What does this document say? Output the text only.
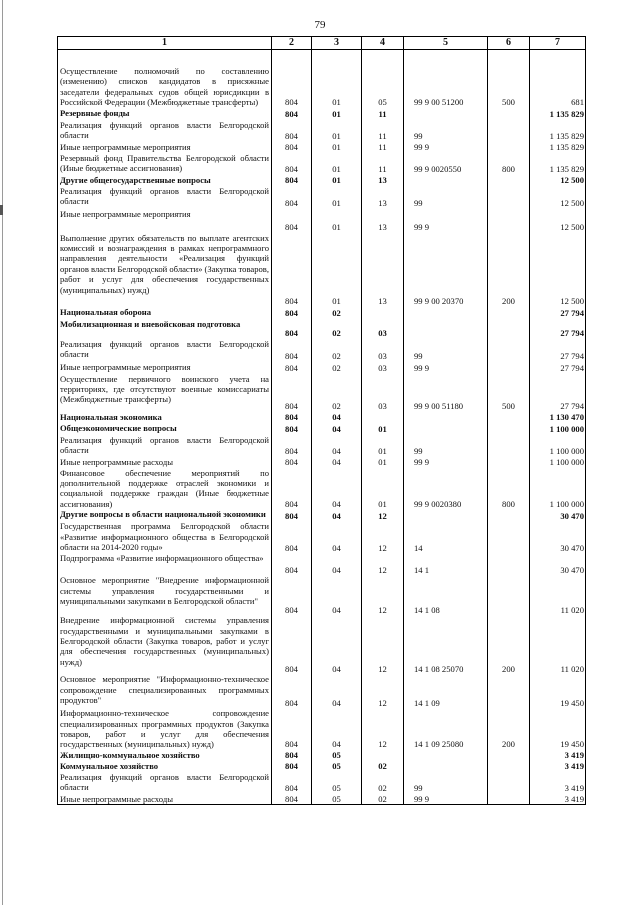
79
1	2	3	4	5	6	7
Осуществление полномочий по составлению (изменению) списков кандидатов в присяжные заседатели федеральных судов общей юрисдикции в Российской Федерации (Межбюджетные трансферты)	804	01	05	99 9 00 51200	500	681
Резервные фонды	804	01	11			1 135 829
Реализация функций органов власти Белгородской области	804	01	11	99		1 135 829
Иные непрограммные мероприятия	804	01	11	99 9		1 135 829
Резервный фонд Правительства Белгородской области (Иные бюджетные ассигнования)	804	01	11	99 9 0020550	800	1 135 829
Другие общегосударственные вопросы	804	01	13			12 500
Реализация функций органов власти Белгородской области	804	01	13	99		12 500
Иные непрограммные мероприятия	804	01	13	99 9		12 500
Выполнение других обязательств по выплате агентских комиссий и вознаграждения в рамках непрограммного направления деятельности «Реализация функций органов власти Белгородской области» (Закупка товаров, работ и услуг для обеспечения государственных (муниципальных) нужд)	804	01	13	99 9 00 20370	200	12 500
Национальная оборона	804	02				27 794
Мобилизационная и вневойсковая подготовка	804	02	03			27 794
Реализация функций органов власти Белгородской области	804	02	03	99		27 794
Иные непрограммные мероприятия	804	02	03	99 9		27 794
Осуществление первичного воинского учета на территориях, где отсутствуют военные комиссариаты (Межбюджетные трансферты)	804	02	03	99 9 00 51180	500	27 794
Национальная экономика	804	04				1 130 470
Общеэкономические вопросы	804	04	01			1 100 000
Реализация функций органов власти Белгородской области	804	04	01	99		1 100 000
Иные непрограммные расходы	804	04	01	99 9		1 100 000
Финансовое обеспечение мероприятий по дополнительной поддержке отраслей экономики и социальной поддержке граждан (Иные бюджетные ассигнования)	804	04	01	99 9 0020380	800	1 100 000
Другие вопросы в области национальной экономики	804	04	12			30 470
Государственная программа Белгородской области «Развитие информационного общества в Белгородской области на 2014-2020 годы»	804	04	12	14		30 470
Подпрограмма «Развитие информационного общества»	804	04	12	14 1		30 470
Основное мероприятие "Внедрение информационной системы управления государственными и муниципальными закупками в Белгородской области"	804	04	12	14 1 08		11 020
Внедрение информационной системы управления государственными и муниципальными закупками в Белгородской области (Закупка товаров, работ и услуг для обеспечения государственных (муниципальных) нужд)	804	04	12	14 1 08 25070	200	11 020
Основное мероприятие "Информационно-техническое сопровождение специализированных программных продуктов"	804	04	12	14 1 09		19 450
Информационно-техническое сопровождение специализированных программных продуктов (Закупка товаров, работ и услуг для обеспечения государственных (муниципальных) нужд)	804	04	12	14 1 09 25080	200	19 450
Жилищно-коммунальное хозяйство	804	05				3 419
Коммунальное хозяйство	804	05	02			3 419
Реализация функций органов власти Белгородской области	804	05	02	99		3 419
Иные непрограммные расходы	804	05	02	99 9		3 419
